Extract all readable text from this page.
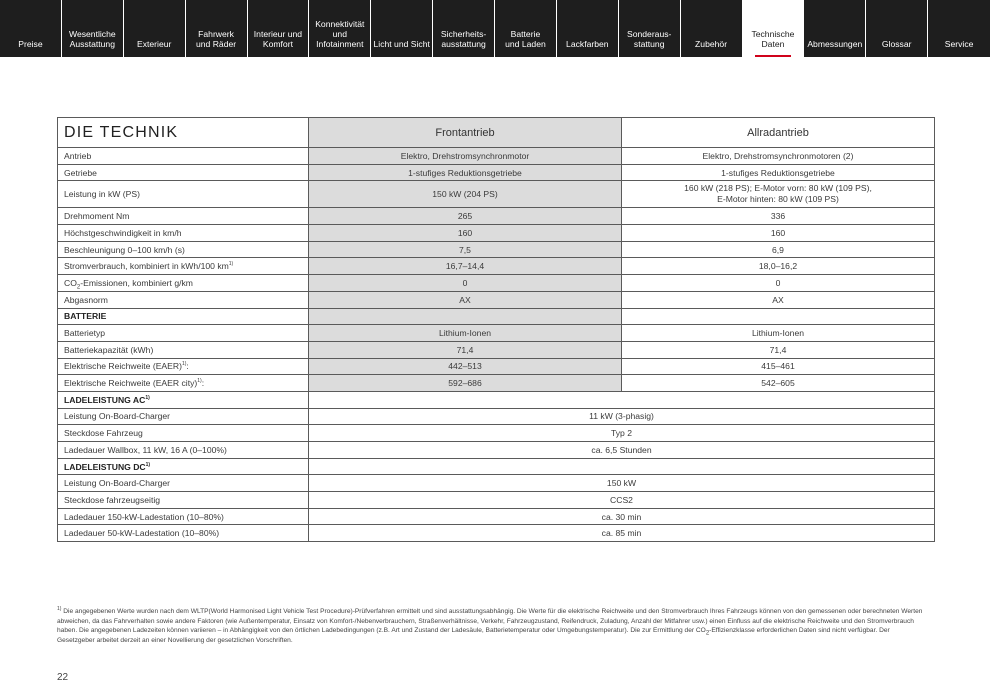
Preise
Wesentliche
Ausstattung	Exterieur
Fahrwerk
und Räder
Interieur und
Komfort
Konnektivität
und
Infotainment	Licht und Sicht
Sicherheits-
ausstattung
Batterie
und Laden	Lackfarben
Sonderaus-
stattung	Zubehör
Technische
Daten	Abmessungen	Glossar	Service
DIE TECHNIK	Frontantrieb	Allradantrieb
Antrieb	Elektro, Drehstromsynchronmotor	Elektro, Drehstromsynchronmotoren (2)
Getriebe	1-stufiges Reduktionsgetriebe	1-stufiges Reduktionsgetriebe
Leistung in kW (PS)	150 kW (204 PS)	160 kW (218 PS); E-Motor vorn: 80 kW (109 PS),
E-Motor hinten: 80 kW (109 PS)
Drehmoment Nm	265	336
Höchstgeschwindigkeit in km/h	160	160
Beschleunigung 0–100 km/h (s)	7,5	6,9
Stromverbrauch, kombiniert in kWh/100 $km^{1)}$	16,7–14,4	18,0–16,2
$CO_2$-Emissionen, kombiniert g/km	0	0
Abgasnorm	AX	AX
BATTERIE		
Batterietyp	Lithium-Ionen	Lithium-Ionen
Batteriekapazität (kWh)	71,4	71,4
Elektrische Reichweite (EAER)$^{1)}$:	442–513	415–461
Elektrische Reichweite (EAER city)$^{1)}$:	592–686	542–605
LADELEISTUNG AC$^{1)}$	
Leistung On-Board-Charger	11 kW (3-phasig)	
Steckdose Fahrzeug	Typ 2	
Ladedauer Wallbox, 11 kW, 16 A (0–100%)	ca. 6,5 Stunden	
LADELEISTUNG DC$^{1)}$	
Leistung On-Board-Charger	150 kW	
Steckdose fahrzeugseitig	CCS2	
Ladedauer 150-kW-Ladestation (10–80%)	ca. 30 min	
Ladedauer 50-kW-Ladestation (10–80%)	ca. 85 min	

$^{1)}$ Die angegebenen Werte wurden nach dem WLTP(World Harmonised Light Vehicle Test Procedure)-Prüfverfahren ermittelt und sind ausstattungsabhängig. Die Werte für die elektrische Reichweite und den Stromverbrauch Ihres Fahrzeugs können von den gemessenen oder berechneten Werten abweichen, da das Fahrverhalten sowie andere Faktoren (wie Außentemperatur, Einsatz von Komfort-/Nebenverbrauchern, Straßenverhältnisse, Verkehr, Fahrzeugzustand, Reifendruck, Zuladung, Anzahl der Mitfahrer usw.) einen Einfluss auf die elektrische Reichweite und den Stromverbrauch haben. Die angegebenen Ladezeiten können variieren – in Abhängigkeit von den örtlichen Ladebedingungen (z.B. Art und Zustand der Ladesäule, Batterietemperatur oder Umgebungstemperatur). Die zur Ermittlung der $CO_2$-Effizienzklasse erforderlichen Daten sind nicht verfügbar. Der Gesetzgeber arbeitet derzeit an einer Novellierung der gesetzlichen Vorschriften.

22
